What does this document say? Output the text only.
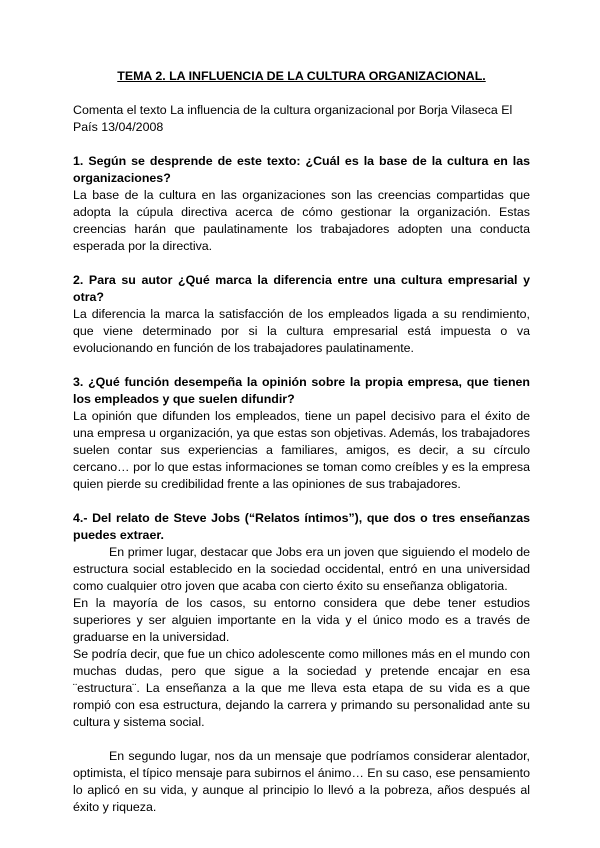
TEMA 2. LA INFLUENCIA DE LA CULTURA ORGANIZACIONAL.

Comenta el texto La influencia de la cultura organizacional por Borja Vilaseca El País 13/04/2008

1. Según se desprende de este texto: ¿Cuál es la base de la cultura en las organizaciones?

La base de la cultura en las organizaciones son las creencias compartidas que adopta la cúpula directiva acerca de cómo gestionar la organización. Estas creencias harán que paulatinamente los trabajadores adopten una conducta esperada por la directiva.

2. Para su autor ¿Qué marca la diferencia entre una cultura empresarial y otra?

La diferencia la marca la satisfacción de los empleados ligada a su rendimiento, que viene determinado por si la cultura empresarial está impuesta o va evolucionando en función de los trabajadores paulatinamente.

3. ¿Qué función desempeña la opinión sobre la propia empresa, que tienen los empleados y que suelen difundir?

La opinión que difunden los empleados, tiene un papel decisivo para el éxito de una empresa u organización, ya que estas son objetivas. Además, los trabajadores suelen contar sus experiencias a familiares, amigos, es decir, a su círculo cercano… por lo que estas informaciones se toman como creíbles y es la empresa quien pierde su credibilidad frente a las opiniones de sus trabajadores.

4.- Del relato de Steve Jobs (“Relatos íntimos”), que dos o tres enseñanzas puedes extraer.

En primer lugar, destacar que Jobs era un joven que siguiendo el modelo de estructura social establecido en la sociedad occidental, entró en una universidad como cualquier otro joven que acaba con cierto éxito su enseñanza obligatoria.

En la mayoría de los casos, su entorno considera que debe tener estudios superiores y ser alguien importante en la vida y el único modo es a través de graduarse en la universidad.

Se podría decir, que fue un chico adolescente como millones más en el mundo con muchas dudas, pero que sigue a la sociedad y pretende encajar en esa ¨estructura¨. La enseñanza a la que me lleva esta etapa de su vida es a que rompió con esa estructura, dejando la carrera y primando su personalidad ante su cultura y sistema social.

En segundo lugar, nos da un mensaje que podríamos considerar alentador, optimista, el típico mensaje para subirnos el ánimo… En su caso, ese pensamiento lo aplicó en su vida, y aunque al principio lo llevó a la pobreza, años después al éxito y riqueza.
